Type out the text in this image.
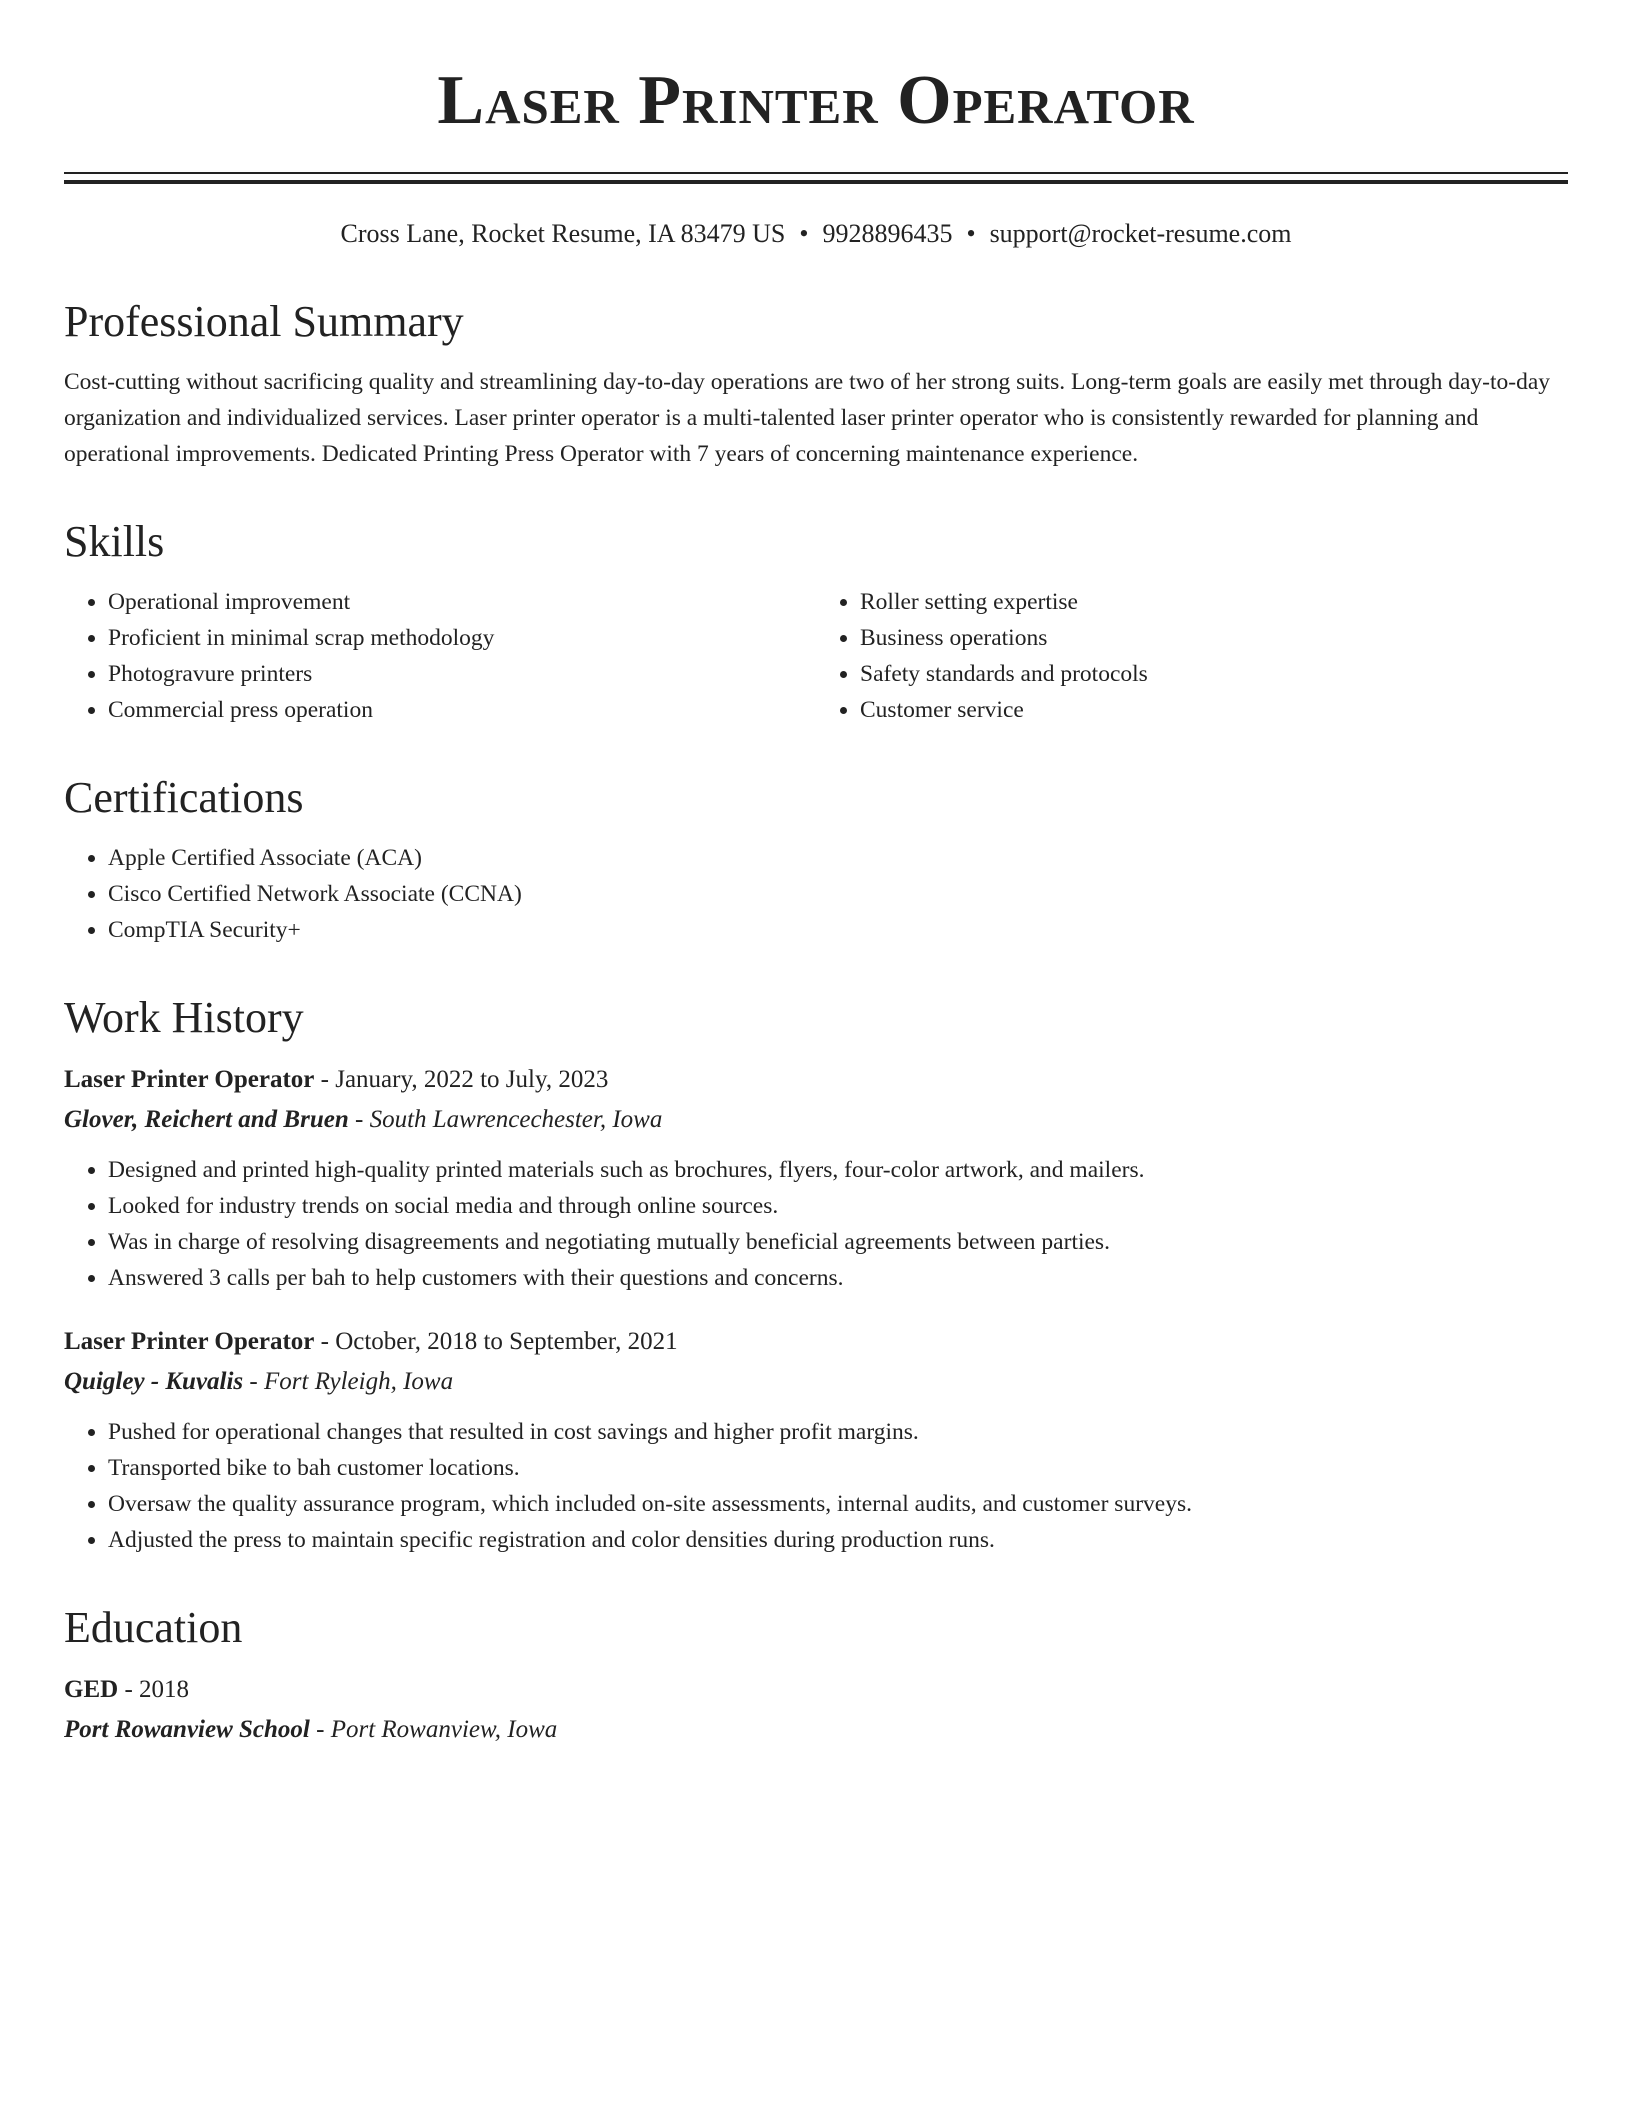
Laser Printer Operator
Cross Lane, Rocket Resume, IA 83479 US • 9928896435 • support@rocket-resume.com
Professional Summary

Cost-cutting without sacrificing quality and streamlining day-to-day operations are two of her strong suits. Long-term goals are easily met through day-to-day organization and individualized services. Laser printer operator is a multi-talented laser printer operator who is consistently rewarded for planning and operational improvements. Dedicated Printing Press Operator with 7 years of concerning maintenance experience.

Skills
• Operational improvement
• Proficient in minimal scrap methodology
• Photogravure printers
• Commercial press operation
• Roller setting expertise
• Business operations
• Safety standards and protocols
• Customer service
Certifications
• Apple Certified Associate (ACA)
• Cisco Certified Network Associate (CCNA)
• CompTIA Security+
Work History
Laser Printer Operator - January, 2022 to July, 2023
Glover, Reichert and Bruen - South Lawrencechester, Iowa
• Designed and printed high-quality printed materials such as brochures, flyers, four-color artwork, and mailers.
• Looked for industry trends on social media and through online sources.
• Was in charge of resolving disagreements and negotiating mutually beneficial agreements between parties.
• Answered 3 calls per bah to help customers with their questions and concerns.
Laser Printer Operator - October, 2018 to September, 2021
Quigley - Kuvalis - Fort Ryleigh, Iowa
• Pushed for operational changes that resulted in cost savings and higher profit margins.
• Transported bike to bah customer locations.
• Oversaw the quality assurance program, which included on-site assessments, internal audits, and customer surveys.
• Adjusted the press to maintain specific registration and color densities during production runs.
Education
GED - 2018
Port Rowanview School - Port Rowanview, Iowa
